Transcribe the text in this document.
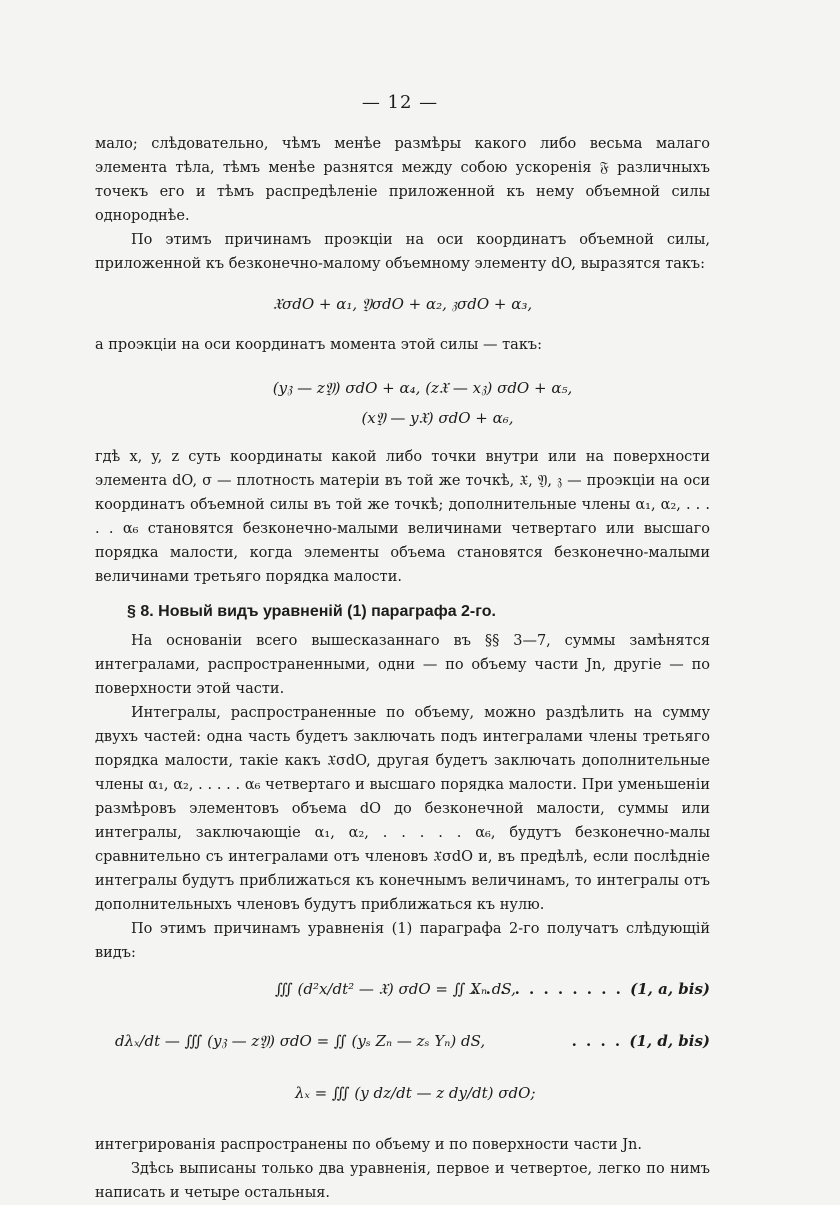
— 12 —

мало; слѣдовательно, чѣмъ менѣе размѣры какого либо весьма малаго элемента тѣла, тѣмъ менѣе разнятся между собою ускоренія 𝔉 различныхъ точекъ его и тѣмъ распредѣленіе приложенной къ нему объемной силы однороднѣе.

По этимъ причинамъ проэкціи на оси координатъ объемной силы, приложенной къ безконечно-малому объемному элементу dO, выразятся такъ:

𝔛σdO + α₁, 𝔜σdO + α₂, 𝔷σdO + α₃,

а проэкціи на оси координатъ момента этой силы — такъ:

(y𝔷 — z𝔜) σdO + α₄, (z𝔛 — x𝔷) σdO + α₅,
(x𝔜 — y𝔛) σdO + α₆,

гдѣ x, y, z суть координаты какой либо точки внутри или на поверхности элемента dO, σ — плотность матеріи въ той же точкѣ, 𝔛, 𝔜, 𝔷 — проэкціи на оси координатъ объемной силы въ той же точкѣ; дополнительные члены α₁, α₂, . . . . . α₆ становятся безконечно-малыми величинами четвертаго или высшаго порядка малости, когда элементы объема становятся безконечно-малыми величинами третьяго порядка малости.

§ 8. Новый видъ уравненій (1) параграфа 2-го.

На основаніи всего вышесказаннаго въ §§ 3—7, суммы замѣнятся интегралами, распространенными, одни — по объему части Jn, другіе — по поверхности этой части.

Интегралы, распространенные по объему, можно раздѣлить на сумму двухъ частей: одна часть будетъ заключать подъ интегралами члены третьяго порядка малости, такіе какъ 𝔛σdO, другая будетъ заключать дополнительные члены α₁, α₂, . . . . . α₆ четвертаго и высшаго порядка малости. При уменьшеніи размѣровъ элементовъ объема dO до безконечной малости, суммы или интегралы, заключающіе α₁, α₂, . . . . . α₆, будутъ безконечно-малы сравнительно съ интегралами отъ членовъ 𝔛σdO и, въ предѣлѣ, если послѣдніе интегралы будутъ приближаться къ конечнымъ величинамъ, то интегралы отъ дополнительныхъ членовъ будутъ приближаться къ нулю.

По этимъ причинамъ уравненія (1) параграфа 2-го получатъ слѣдующій видъ:

∭ (d²x/dt² — 𝔛) σdO = ∬ Xₙ dS,
. . . . . . . . . . . (1, a, bis)
dλₓ/dt — ∭ (y𝔷 — z𝔜) σdO = ∬ (yₛ Zₙ — zₛ Yₙ) dS,	. . . . (1, d, bis)
λₓ = ∭ (y dz/dt — z dy/dt) σdO;

интегрированія распространены по объему и по поверхности части Jn.

Здѣсь выписаны только два уравненія, первое и четвертое, легко по нимъ написать и четыре остальныя.
